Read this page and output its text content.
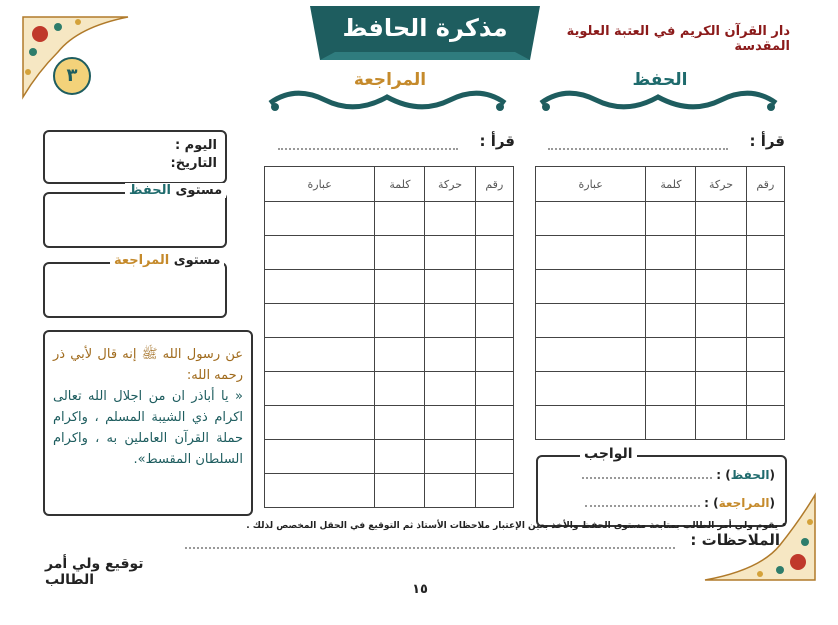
دار القرآن الكريم في العتبة العلوية المقدسة
مذكرة الحافظ
٣	الحفظ
المراجعة
قرأ :
قرأ :
رقم	حركة	كلمة	عبارة

رقم	حركة	كلمة	عبارة

اليوم :
التاريخ:
مستوى الحفظ
مستوى المراجعة
عن رسول الله ﷺ إنه قال لأبي ذر رحمه الله:
« يا أباذر ان من اجلال الله تعالى اكرام ذي الشيبة المسلم ، واكرام حملة القرآن العاملين به ، واكرام السلطان المقسط».	الواجب
(الحفظ) :
(المراجعة) :
• يقوم ولي أمر الطالب بمتابعة مستوى الحفظ والأخذ بعين الإعتبار ملاحظات الأستاذ ثم التوقيع في الحقل المخصص لذلك .
الملاحظات :
توقيع ولي أمر الطالب
١٥
